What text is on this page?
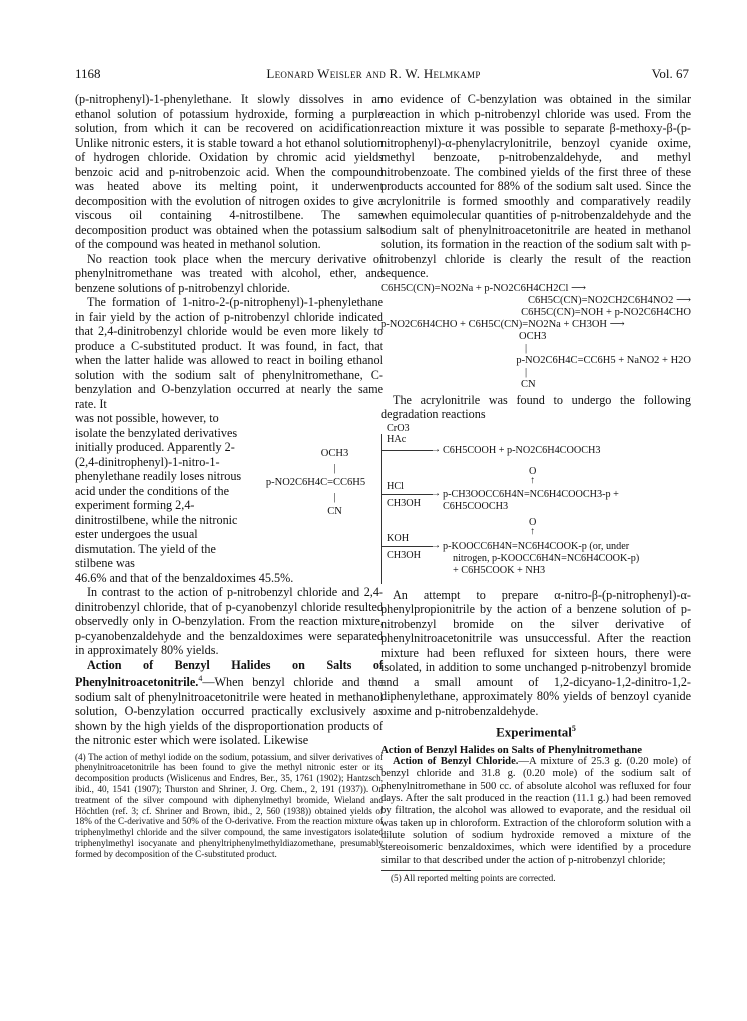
1168	Leonard Weisler and R. W. Helmkamp	Vol. 67

(p-nitrophenyl)-1-phenylethane. It slowly dissolves in an ethanol solution of potassium hydroxide, forming a purple solution, from which it can be recovered on acidification. Unlike nitronic esters, it is stable toward a hot ethanol solution of hydrogen chloride. Oxidation by chromic acid yields benzoic acid and p-nitrobenzoic acid. When the compound was heated above its melting point, it underwent decomposition with the evolution of nitrogen oxides to give a viscous oil containing 4-nitrostilbene. The same decomposition product was obtained when the potassium salt of the compound was heated in methanol solution.

No reaction took place when the mercury derivative of phenylnitromethane was treated with alcohol, ether, and benzene solutions of p-nitrobenzyl chloride.

The formation of 1-nitro-2-(p-nitrophenyl)-1-phenylethane in fair yield by the action of p-nitrobenzyl chloride indicated that 2,4-dinitrobenzyl chloride would be even more likely to produce a C-substituted product. It was found, in fact, that when the latter halide was allowed to react in boiling ethanol solution with the sodium salt of phenylnitromethane, C-benzylation and O-benzylation occurred at nearly the same rate. It

was not possible, however, to isolate the benzylated derivatives initially produced. Apparently 2-(2,4-dinitrophenyl)-1-nitro-1-phenylethane readily loses nitrous acid under the conditions of the experiment forming 2,4-dinitrostilbene, while the nitronic ester undergoes the usual dismutation. The yield of the stilbene was

OCH3
|
p-NO2C6H4C=CC6H5
|
CN

46.6% and that of the benzaldoximes 45.5%.

In contrast to the action of p-nitrobenzyl chloride and 2,4-dinitrobenzyl chloride, that of p-cyanobenzyl chloride resulted observedly only in O-benzylation. From the reaction mixture, p-cyanobenzaldehyde and the benzaldoximes were separated in approximately 80% yields.

Action of Benzyl Halides on Salts of Phenylnitroacetonitrile.$^4$—When benzyl chloride and the sodium salt of phenylnitroacetonitrile were heated in methanol solution, O-benzylation occurred practically exclusively as shown by the high yields of the disproportionation products of the nitronic ester which were isolated. Likewise

(4) The action of methyl iodide on the sodium, potassium, and silver derivatives of phenylnitroacetonitrile has been found to give the methyl nitronic ester or its decomposition products (Wislicenus and Endres, Ber., 35, 1761 (1902); Hantzsch, ibid., 40, 1541 (1907); Thurston and Shriner, J. Org. Chem., 2, 191 (1937)). On treatment of the silver compound with diphenylmethyl bromide, Wieland and Höchtlen (ref. 3; cf. Shriner and Brown, ibid., 2, 560 (1938)) obtained yields of 18% of the C-derivative and 50% of the O-derivative. From the reaction mixture of triphenylmethyl chloride and the silver compound, the same investigators isolated triphenylmethyl isocyanate and phenyltriphenylmethyldiazomethane, presumably formed by decomposition of the C-substituted product.

no evidence of C-benzylation was obtained in the similar reaction in which p-nitrobenzyl chloride was used. From the reaction mixture it was possible to separate β-methoxy-β-(p-nitrophenyl)-α-phenylacrylonitrile, benzoyl cyanide oxime, methyl benzoate, p-nitrobenzaldehyde, and methyl nitrobenzoate. The combined yields of the first three of these products accounted for 88% of the sodium salt used. Since the acrylonitrile is formed smoothly and comparatively readily when equimolecular quantities of p-nitrobenzaldehyde and the sodium salt of phenylnitroacetonitrile are heated in methanol solution, its formation in the reaction of the sodium salt with p-nitrobenzyl chloride is clearly the result of the reaction sequence.

C6H5C(CN)=NO2Na + p-NO2C6H4CH2Cl ⟶
C6H5C(CN)=NO2CH2C6H4NO2 ⟶
C6H5C(CN)=NOH + p-NO2C6H4CHO
p-NO2C6H4CHO + C6H5C(CN)=NO2Na + CH3OH ⟶
OCH3
|
p-NO2C6H4C=CC6H5 + NaNO2 + H2O
|
CN

The acrylonitrile was found to undergo the following degradation reactions

CrO3
HAc
→ C6H5COOH + p-NO2C6H4COOCH3
O
↑
HCl
→
CH3OH
p-CH3OOCC6H4N=NC6H4COOCH3-p +
C6H5COOCH3
O
↑
KOH
→
CH3OH
p-KOOCC6H4N=NC6H4COOK-p (or, under
nitrogen, p-KOOCC6H4N=NC6H4COOK-p)
+ C6H5COOK + NH3

An attempt to prepare α-nitro-β-(p-nitrophenyl)-α-phenylpropionitrile by the action of a benzene solution of p-nitrobenzyl bromide on the silver derivative of phenylnitroacetonitrile was unsuccessful. After the reaction mixture had been refluxed for sixteen hours, there were isolated, in addition to some unchanged p-nitrobenzyl bromide and a small amount of 1,2-dicyano-1,2-dinitro-1,2-diphenylethane, approximately 80% yields of benzoyl cyanide oxime and p-nitrobenzaldehyde.

Experimental$^5$

Action of Benzyl Halides on Salts of Phenylnitromethane

Action of Benzyl Chloride.—A mixture of 25.3 g. (0.20 mole) of benzyl chloride and 31.8 g. (0.20 mole) of the sodium salt of phenylnitromethane in 500 cc. of absolute alcohol was refluxed for four days. After the salt produced in the reaction (11.1 g.) had been removed by filtration, the alcohol was allowed to evaporate, and the residual oil was taken up in chloroform. Extraction of the chloroform solution with a dilute solution of sodium hydroxide removed a mixture of the stereoisomeric benzaldoximes, which were identified by a procedure similar to that described under the action of p-nitrobenzyl chloride;

(5) All reported melting points are corrected.
